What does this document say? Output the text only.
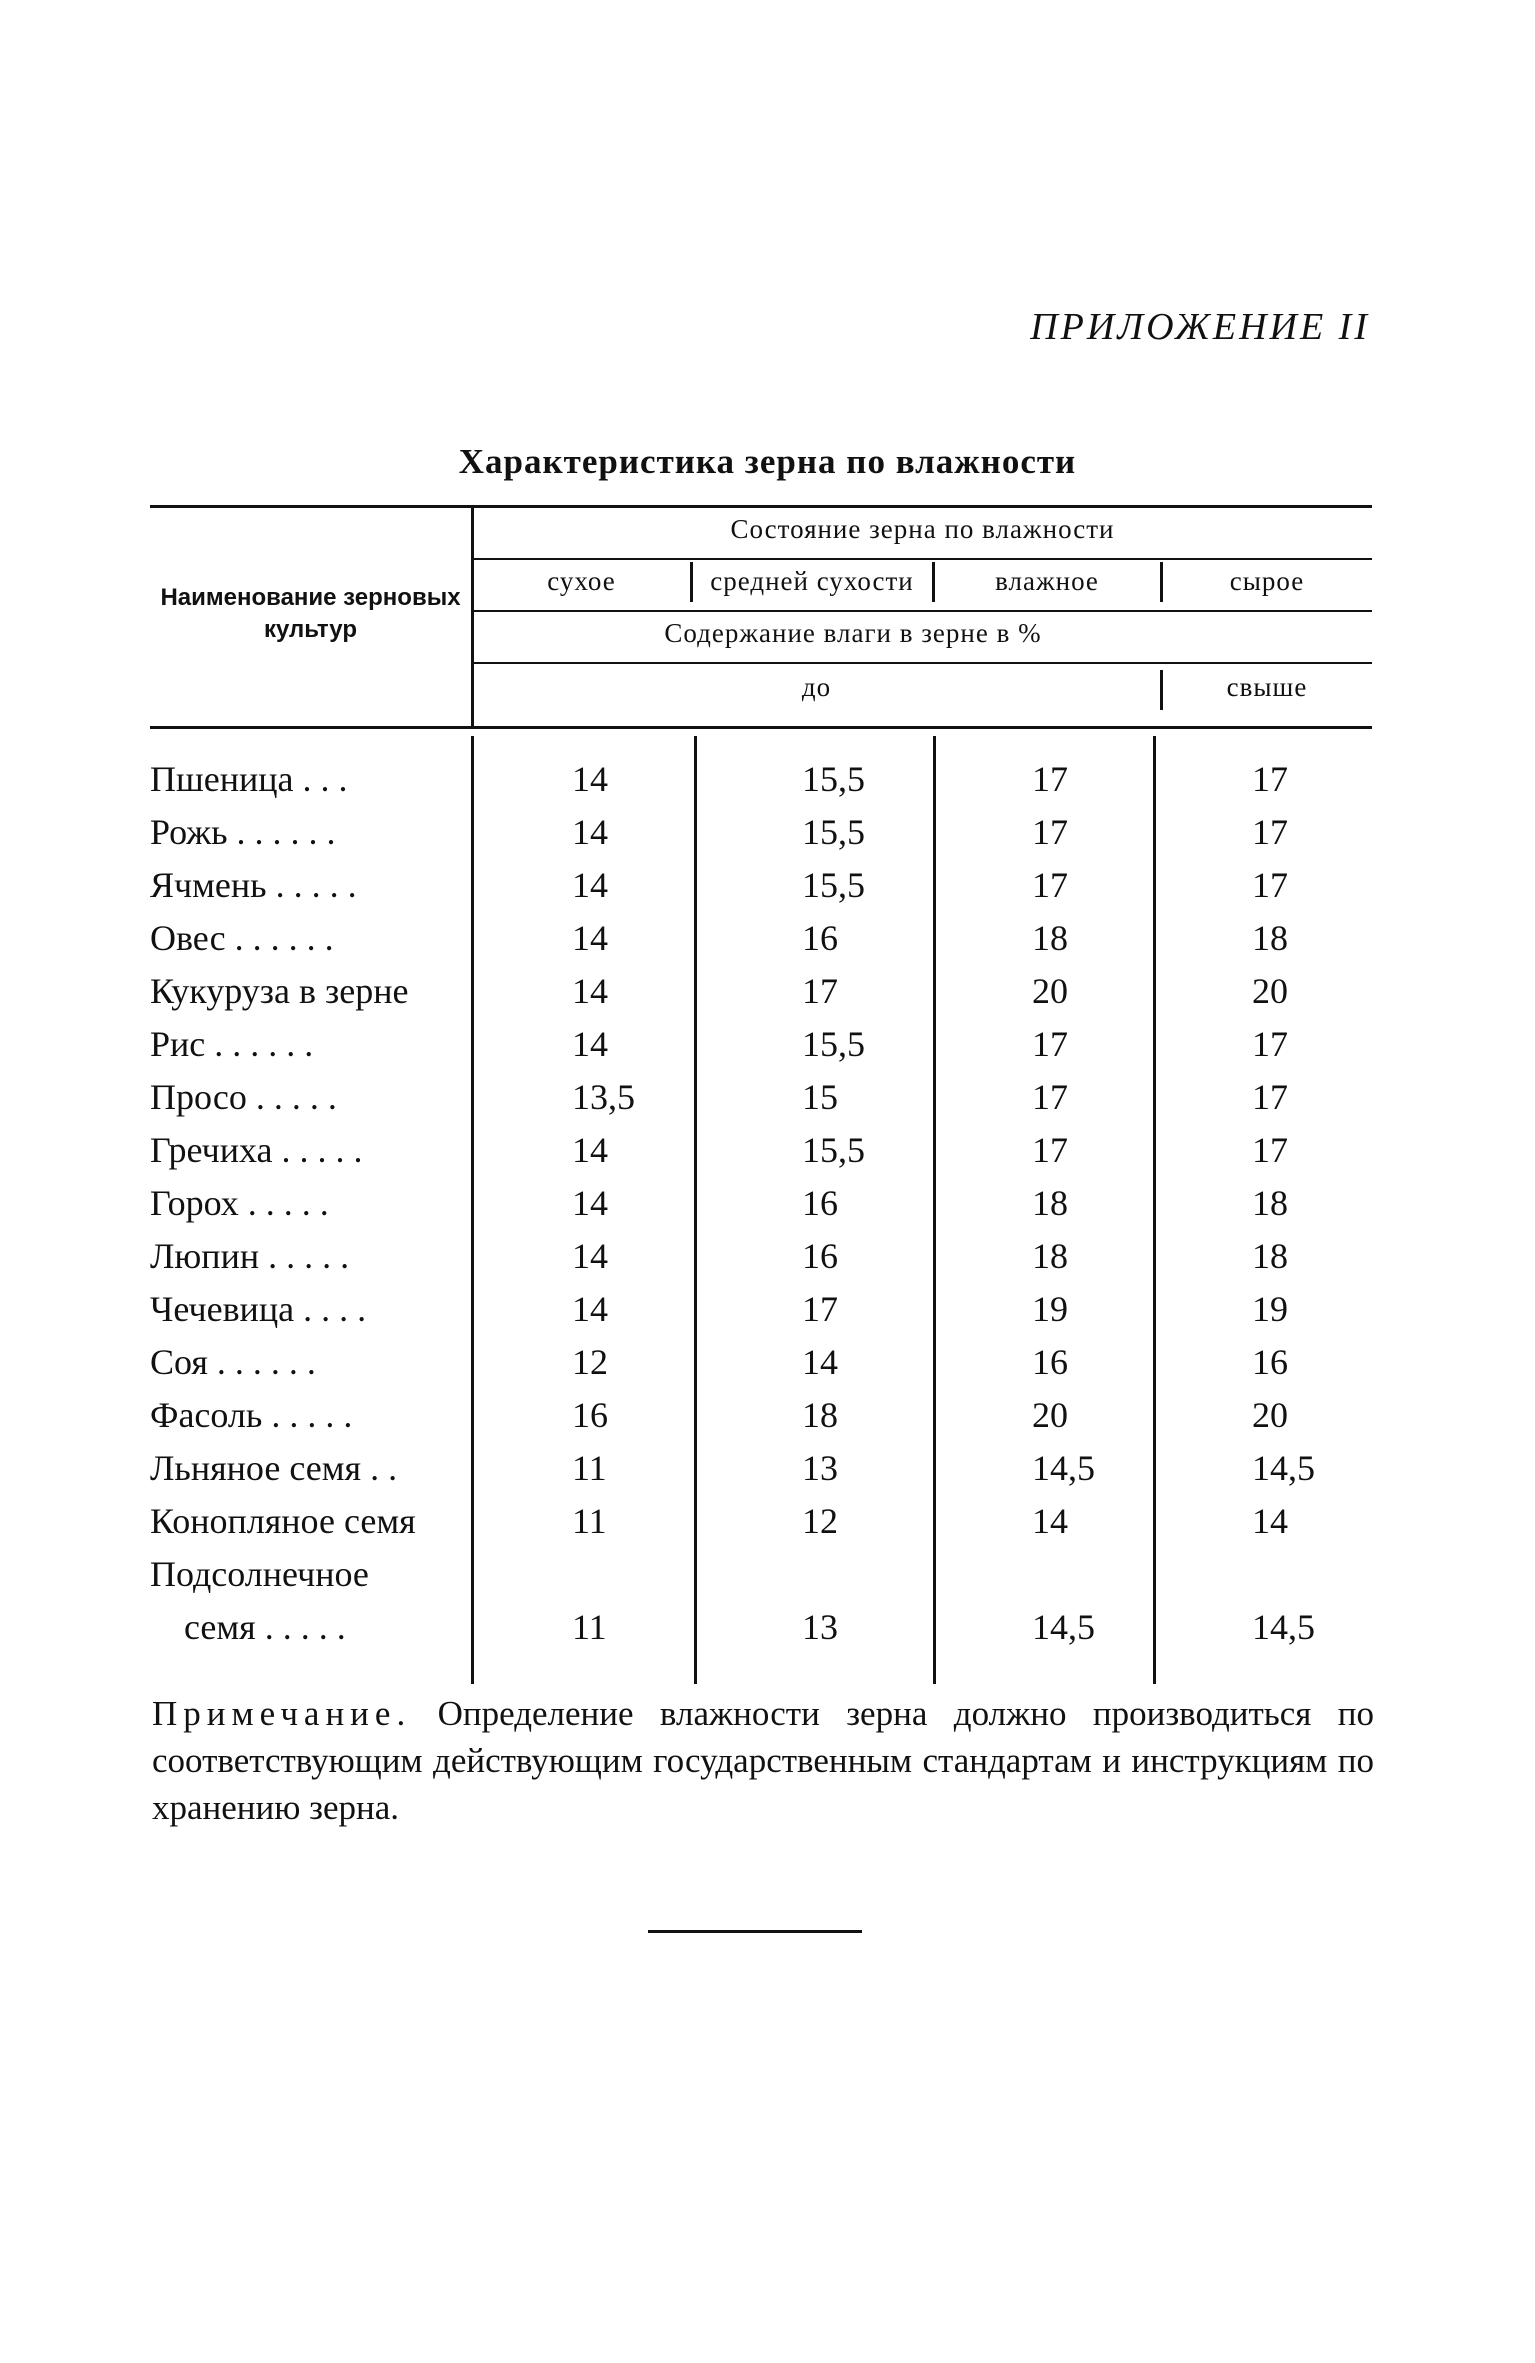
ПРИЛОЖЕНИЕ II
Характеристика зерна по влажности
Наименование зерновых культур
Состояние зерна по влажности
сухое	средней сухости	влажное	сырое
Содержание влаги в зерне в %
до	свыше
Пшеница ...	14	15,5	17	17
Рожь ......	14	15,5	17	17
Ячмень .....	14	15,5	17	17
Овес ......	14	16	18	18
Кукуруза в зерне	14	17	20	20
Рис ......	14	15,5	17	17
Просо .....	13,5	15	17	17
Гречиха .....	14	15,5	17	17
Горох .....	14	16	18	18
Люпин .....	14	16	18	18
Чечевица ....	14	17	19	19
Соя ......	12	14	16	16
Фасоль .....	16	18	20	20
Льняное семя ..	11	13	14,5	14,5
Конопляное семя	11	12	14	14
Подсолнечное
семя .....	11	13	14,5	14,5

Примечание. Определение влажности зерна должно производиться по соответствующим действующим государственным стандартам и инструкциям по хранению зерна.
